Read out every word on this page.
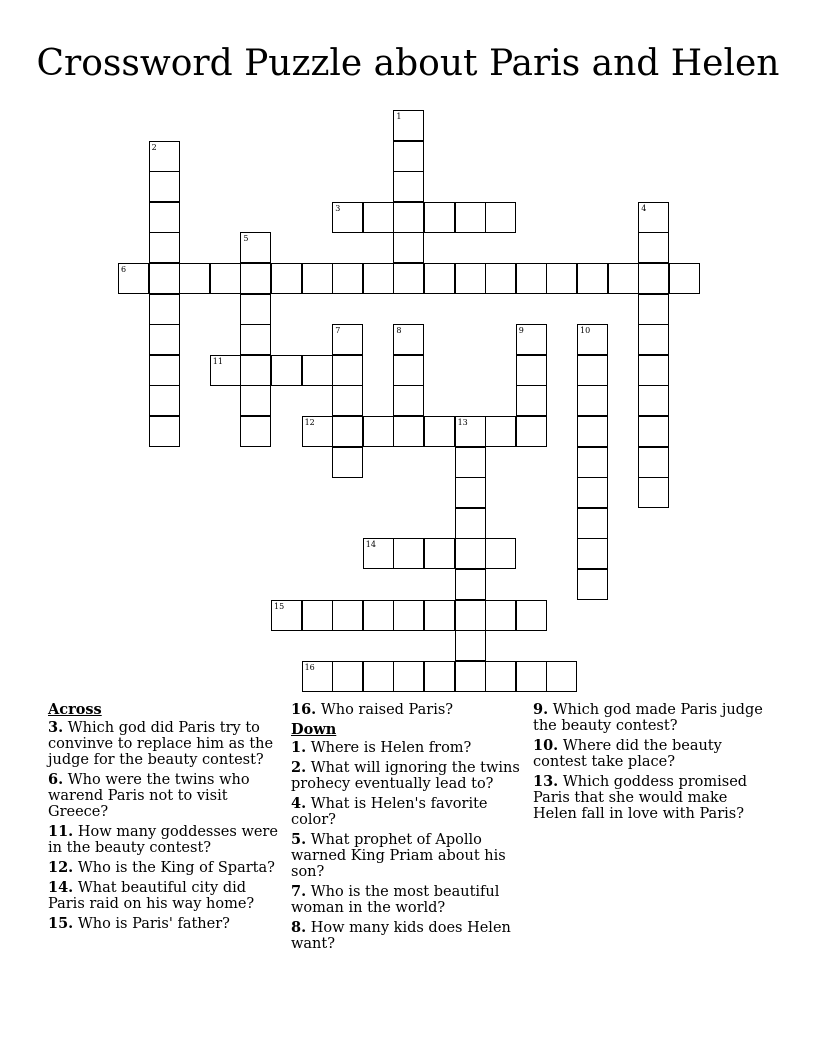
Crossword Puzzle about Paris and Helen
1
2
3	4
5
6
7	8	9	10
11
12	13
14
15
16
Across
3. Which god did Paris try to convinve to replace him as the judge for the beauty contest?
6. Who were the twins who warend Paris not to visit Greece?
11. How many goddesses were in the beauty contest?
12. Who is the King of Sparta?
14. What beautiful city did Paris raid on his way home?
15. Who is Paris' father?
16. Who raised Paris?
Down
1. Where is Helen from?
2. What will ignoring the twins prohecy eventually lead to?
4. What is Helen's favorite color?
5. What prophet of Apollo warned King Priam about his son?
7. Who is the most beautiful woman in the world?
8. How many kids does Helen want?
9. Which god made Paris judge the beauty contest?
10. Where did the beauty contest take place?
13. Which goddess promised Paris that she would make Helen fall in love with Paris?
